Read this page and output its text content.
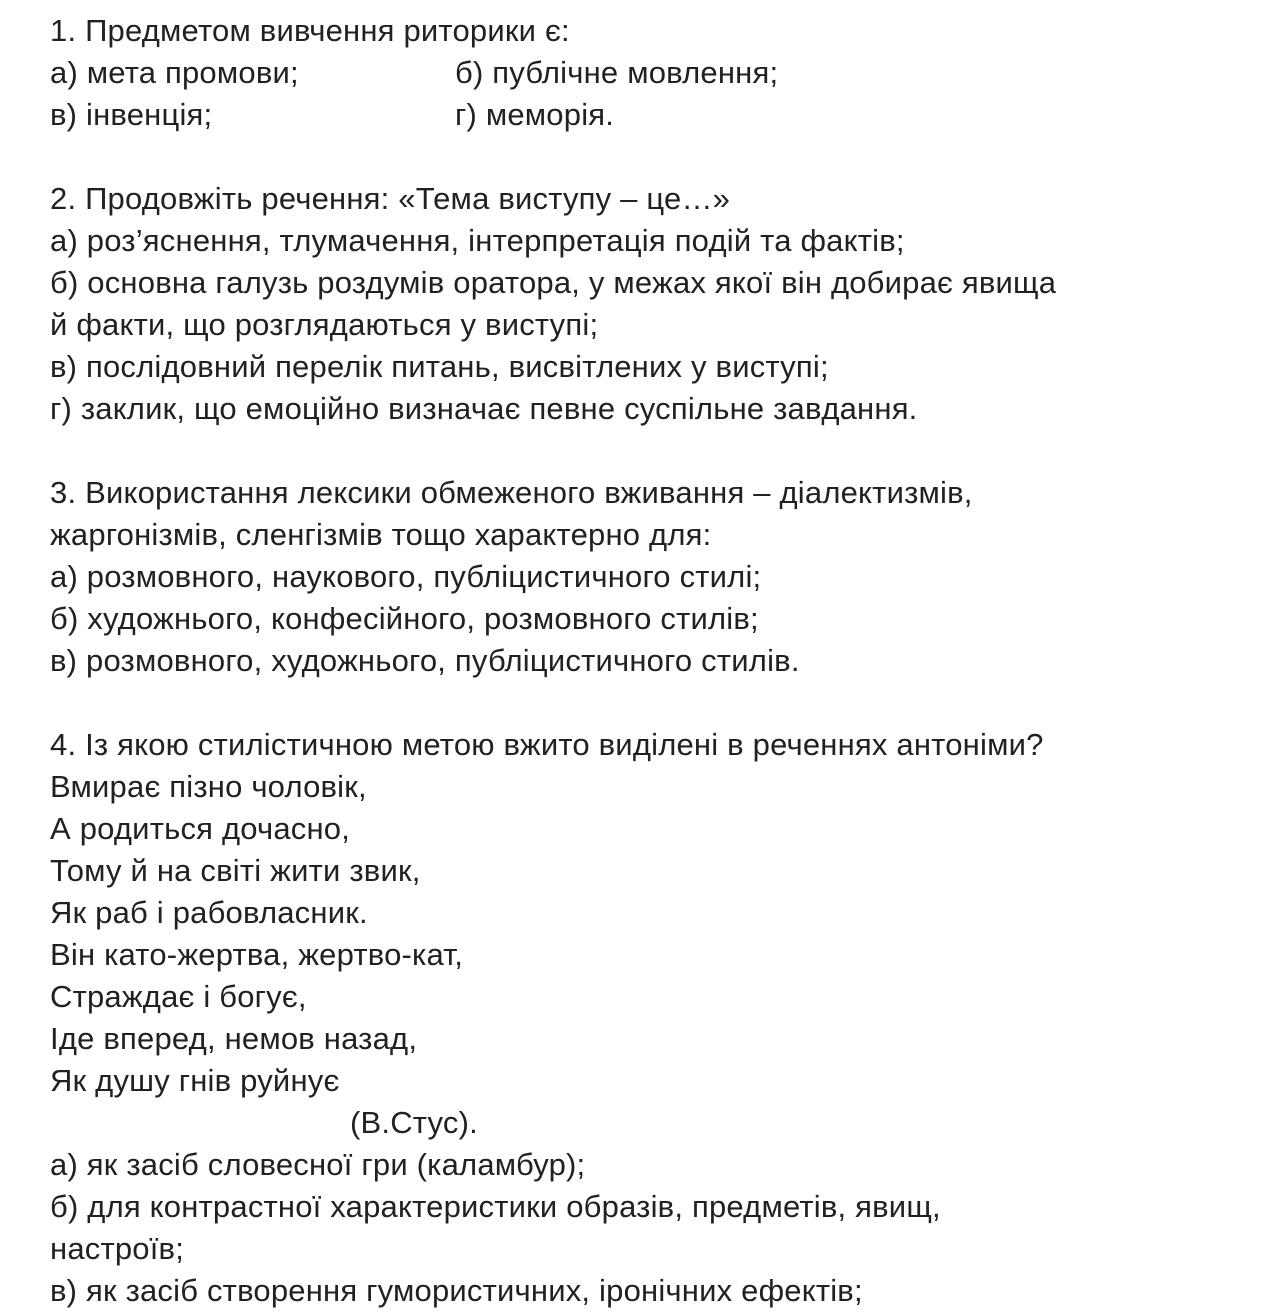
1. Предметом вивчення риторики є:
а) мета промови;	б) публічне мовлення;
в) інвенція;	г) меморія.
2. Продовжіть речення: «Тема виступу – це…»
а) роз’яснення, тлумачення, інтерпретація подій та фактів;
б) основна галузь роздумів оратора, у межах якої він добирає явища
й факти, що розглядаються у виступі;
в) послідовний перелік питань, висвітлених у виступі;
г) заклик, що емоційно визначає певне суспільне завдання.
3. Використання лексики обмеженого вживання – діалектизмів,
жаргонізмів, сленгізмів тощо характерно для:
а) розмовного, наукового, публіцистичного стилі;
б) художнього, конфесійного, розмовного стилів;
в) розмовного, художнього, публіцистичного стилів.
4. Із якою стилістичною метою вжито виділені в реченнях антоніми?
Вмирає пізно чоловік,
А родиться дочасно,
Тому й на світі жити звик,
Як раб і рабовласник.
Він като-жертва, жертво-кат,
Страждає і богує,
Іде вперед, немов назад,
Як душу гнів руйнує
(В.Стус).
а) як засіб словесної гри (каламбур);
б) для контрастної характеристики образів, предметів, явищ,
настроїв;
в) як засіб створення гумористичних, іронічних ефектів;
